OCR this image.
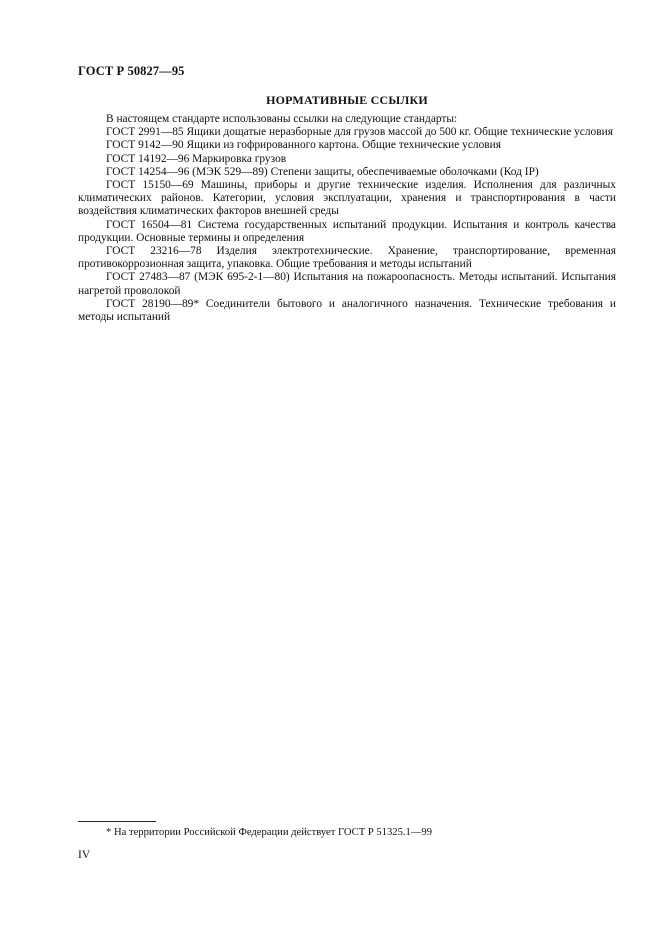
ГОСТ Р 50827—95
НОРМАТИВНЫЕ ССЫЛКИ

В настоящем стандарте использованы ссылки на следующие стандарты:

ГОСТ 2991—85 Ящики дощатые неразборные для грузов массой до 500 кг. Общие технические условия

ГОСТ 9142—90 Ящики из гофрированного картона. Общие технические условия

ГОСТ 14192—96 Маркировка грузов

ГОСТ 14254—96 (МЭК 529—89) Степени защиты, обеспечиваемые оболочками (Код IP)

ГОСТ 15150—69 Машины, приборы и другие технические изделия. Исполнения для различных климатических районов. Категории, условия эксплуатации, хранения и транспортирования в части воздействия климатических факторов внешней среды

ГОСТ 16504—81 Система государственных испытаний продукции. Испытания и контроль качества продукции. Основные термины и определения

ГОСТ 23216—78 Изделия электротехнические. Хранение, транспортирование, временная противокоррозионная защита, упаковка. Общие требования и методы испытаний

ГОСТ 27483—87 (МЭК 695-2-1—80) Испытания на пожароопасность. Методы испытаний. Испытания нагретой проволокой

ГОСТ 28190—89* Соединители бытового и аналогичного назначения. Технические требования и методы испытаний

* На территории Российской Федерации действует ГОСТ Р 51325.1—99
IV
